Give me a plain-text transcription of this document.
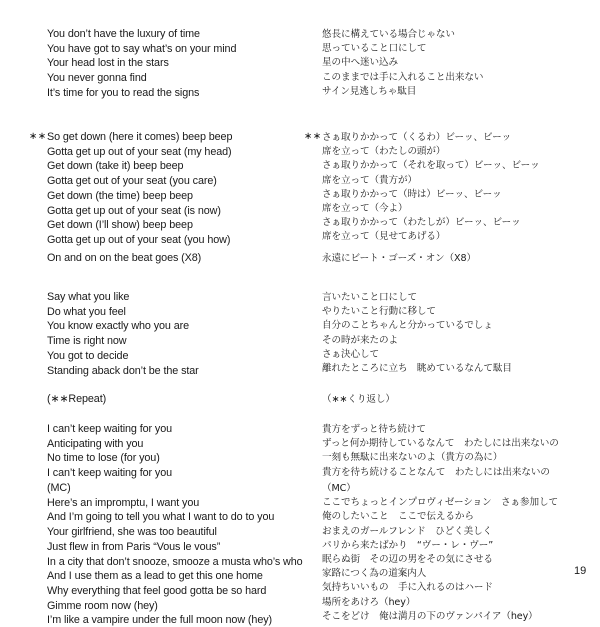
You don’t have the luxury of time
You have got to say what’s on your mind
Your head lost in the stars
You never gonna find
It’s time for you to read the signs
So get down (here it comes) beep beep
Gotta get up out of your seat (my head)
Get down (take it) beep beep
Gotta get out of your seat (you care)
Get down (the time) beep beep
Gotta get up out of your seat (is now)
Get down (I’ll show) beep beep
Gotta get up out of your seat (you how)
On and on on the beat goes (X8)
Say what you like
Do what you feel
You know exactly who you are
Time is right now
You got to decide
Standing aback don’t be the star
(∗∗Repeat)
I can’t keep waiting for you
Anticipating with you
No time to lose (for you)
I can’t keep waiting for you
(MC)
Here’s an impromptu, I want you
And I’m going to tell you what I want to do to you
Your girlfriend, she was too beautiful
Just flew in from Paris “Vous le vous”
In a city that don’t snooze, smooze a musta who’s who
And I use them as a lead to get this one home
Why everything that feel good gotta be so hard
Gimme room now (hey)
I’m like a vampire under the full moon now (hey)
∗∗
悠長に構えている場合じゃない
思っていること口にして
星の中へ迷い込み
このままでは手に入れること出来ない
サイン見逃しちゃ駄目
さぁ取りかかって（くるわ）ビーッ、ビーッ
席を立って（わたしの頭が）
さぁ取りかかって（それを取って）ビーッ、ビーッ
席を立って（貴方が）
さぁ取りかかって（時は）ビーッ、ビーッ
席を立って（今よ）
さぁ取りかかって（わたしが）ビーッ、ビーッ
席を立って（見せてあげる）
永遠にビート・ゴーズ・オン（X8）
言いたいこと口にして
やりたいこと行動に移して
自分のことちゃんと分かっているでしょ
その時が来たのよ
さぁ決心して
離れたところに立ち　眺めているなんて駄目
（∗∗くり返し）
貴方をずっと待ち続けて
ずっと何か期待しているなんて　わたしには出来ないの
一刻も無駄に出来ないのよ（貴方の為に）
貴方を待ち続けることなんて　わたしには出来ないの
（MC）
ここでちょっとインプロヴィゼーション　さぁ参加して
俺のしたいこと　ここで伝えるから
おまえのガールフレンド　ひどく美しく
パリから来たばかり　“ヴー・レ・ヴー”
眠らぬ街　その辺の男をその気にさせる
家路につく為の道案内人
気持ちいいもの　手に入れるのはハード
場所をあけろ（hey）
そこをどけ　俺は満月の下のヴァンパイア（hey）
∗∗
19
